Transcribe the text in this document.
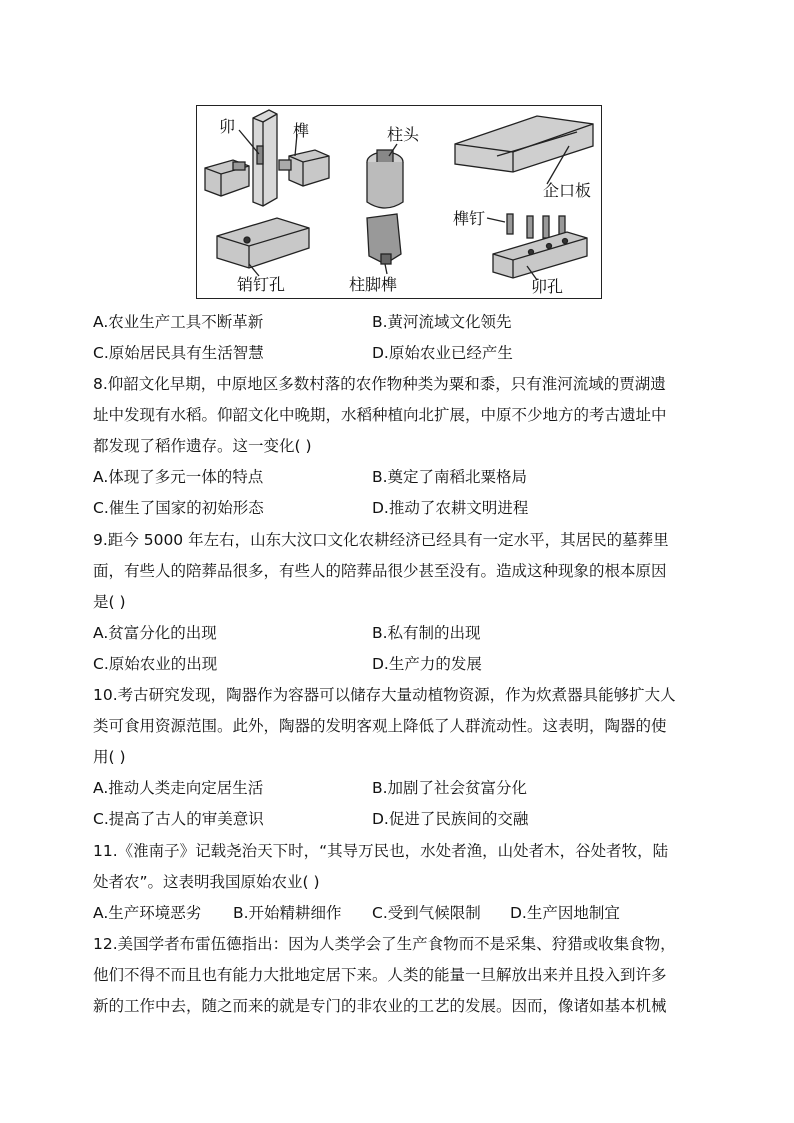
卯	榫	柱头
企口板
榫钉
销钉孔	柱脚榫	卯孔
A.农业生产工具不断革新	B.黄河流域文化领先
C.原始居民具有生活智慧	D.原始农业已经产生
8.仰韶文化早期，中原地区多数村落的农作物种类为粟和黍，只有淮河流域的贾湖遗
址中发现有水稻。仰韶文化中晚期，水稻种植向北扩展，中原不少地方的考古遗址中
都发现了稻作遗存。这一变化( )
A.体现了多元一体的特点	B.奠定了南稻北粟格局
C.催生了国家的初始形态	D.推动了农耕文明进程
9.距今 5000 年左右，山东大汶口文化农耕经济已经具有一定水平，其居民的墓葬里
面，有些人的陪葬品很多，有些人的陪葬品很少甚至没有。造成这种现象的根本原因
是( )
A.贫富分化的出现	B.私有制的出现
C.原始农业的出现	D.生产力的发展
10.考古研究发现，陶器作为容器可以储存大量动植物资源，作为炊煮器具能够扩大人
类可食用资源范围。此外，陶器的发明客观上降低了人群流动性。这表明，陶器的使
用( )
A.推动人类走向定居生活	B.加剧了社会贫富分化
C.提高了古人的审美意识	D.促进了民族间的交融
11.《淮南子》记载尧治天下时，“其导万民也，水处者渔，山处者木，谷处者牧，陆
处者农”。这表明我国原始农业( )
A.生产环境恶劣 B.开始精耕细作 C.受到气候限制 D.生产因地制宜
12.美国学者布雷伍德指出：因为人类学会了生产食物而不是采集、狩猎或收集食物，
他们不得不而且也有能力大批地定居下来。人类的能量一旦解放出来并且投入到许多
新的工作中去，随之而来的就是专门的非农业的工艺的发展。因而，像诸如基本机械
